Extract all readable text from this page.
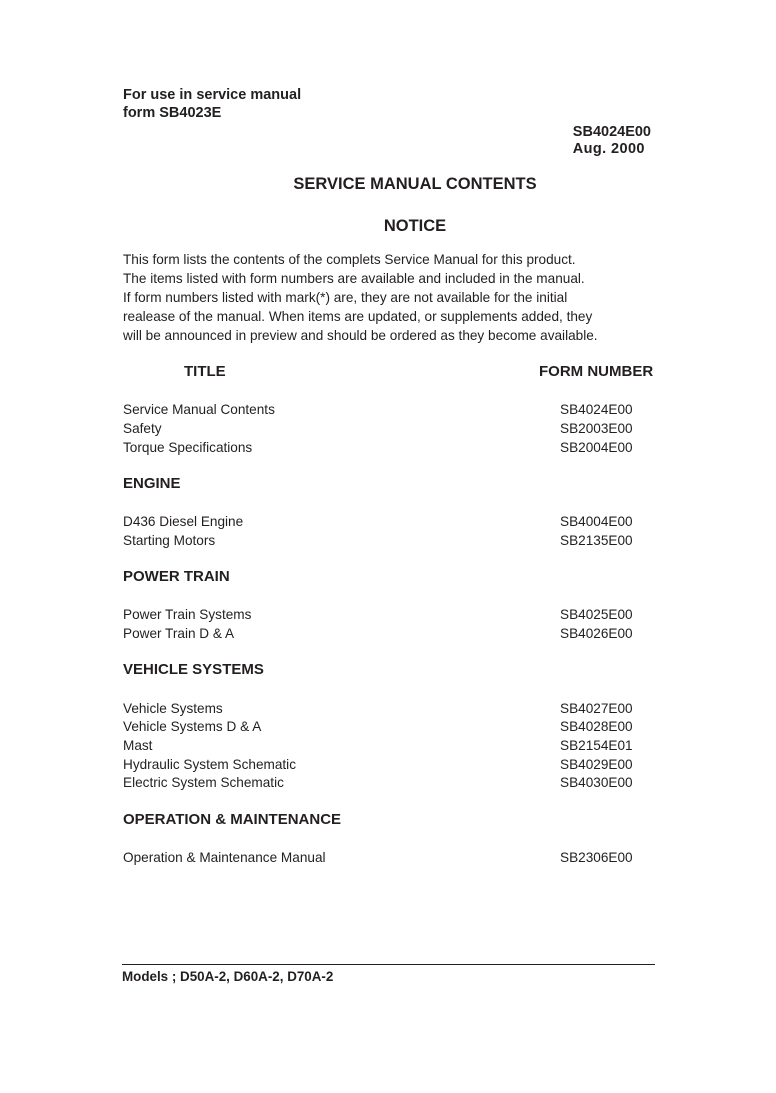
For use in service manual
form SB4023E
SB4024E00
Aug. 2000
SERVICE MANUAL CONTENTS
NOTICE
This form lists the contents of the complets Service Manual for this product.
The items listed with form numbers are available and included in the manual.
If form numbers listed with mark(*) are, they are not available for the initial
realease of the manual. When items are updated, or supplements added, they
will be announced in preview and should be ordered as they become available.
TITLE	FORM NUMBER
Service Manual Contents	SB4024E00
Safety	SB2003E00
Torque Specifications	SB2004E00
ENGINE
D436 Diesel Engine	SB4004E00
Starting Motors	SB2135E00
POWER TRAIN
Power Train Systems	SB4025E00
Power Train D & A	SB4026E00
VEHICLE SYSTEMS
Vehicle Systems	SB4027E00
Vehicle Systems D & A	SB4028E00
Mast	SB2154E01
Hydraulic System Schematic	SB4029E00
Electric System Schematic	SB4030E00
OPERATION & MAINTENANCE
Operation & Maintenance Manual	SB2306E00
Models ; D50A-2, D60A-2, D70A-2
